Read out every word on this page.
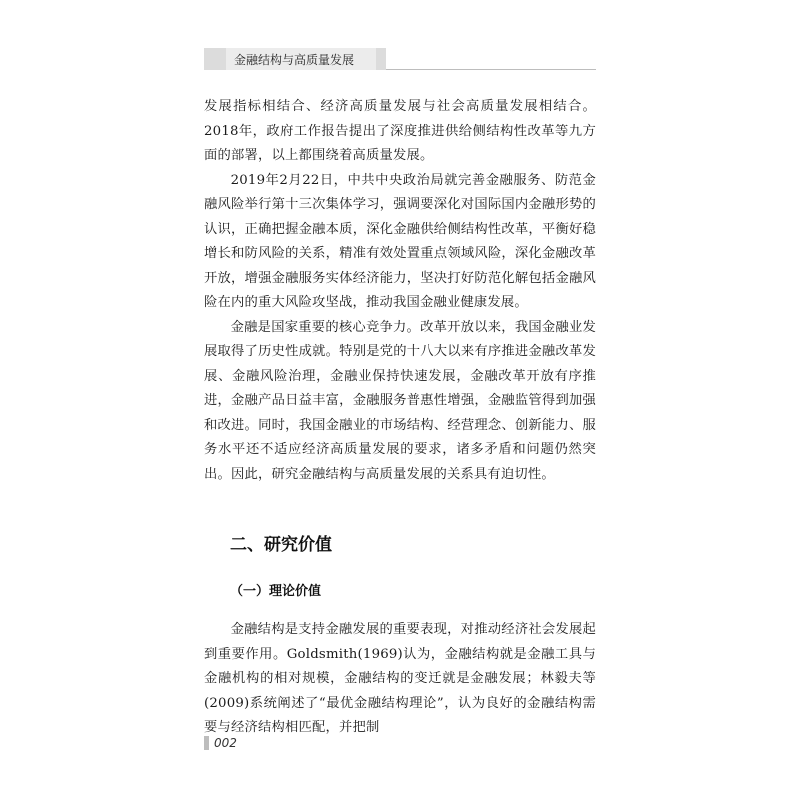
金融结构与高质量发展

发展指标相结合、经济高质量发展与社会高质量发展相结合。2018年，政府工作报告提出了深度推进供给侧结构性改革等九方面的部署，以上都围绕着高质量发展。

2019年2月22日，中共中央政治局就完善金融服务、防范金融风险举行第十三次集体学习，强调要深化对国际国内金融形势的认识，正确把握金融本质，深化金融供给侧结构性改革，平衡好稳增长和防风险的关系，精准有效处置重点领域风险，深化金融改革开放，增强金融服务实体经济能力，坚决打好防范化解包括金融风险在内的重大风险攻坚战，推动我国金融业健康发展。

金融是国家重要的核心竞争力。改革开放以来，我国金融业发展取得了历史性成就。特别是党的十八大以来有序推进金融改革发展、金融风险治理，金融业保持快速发展，金融改革开放有序推进，金融产品日益丰富，金融服务普惠性增强，金融监管得到加强和改进。同时，我国金融业的市场结构、经营理念、创新能力、服务水平还不适应经济高质量发展的要求，诸多矛盾和问题仍然突出。因此，研究金融结构与高质量发展的关系具有迫切性。

二、研究价值
（一）理论价值

金融结构是支持金融发展的重要表现，对推动经济社会发展起到重要作用。Goldsmith(1969)认为，金融结构就是金融工具与金融机构的相对规模，金融结构的变迁就是金融发展；林毅夫等(2009)系统阐述了“最优金融结构理论”，认为良好的金融结构需要与经济结构相匹配，并把制

002
